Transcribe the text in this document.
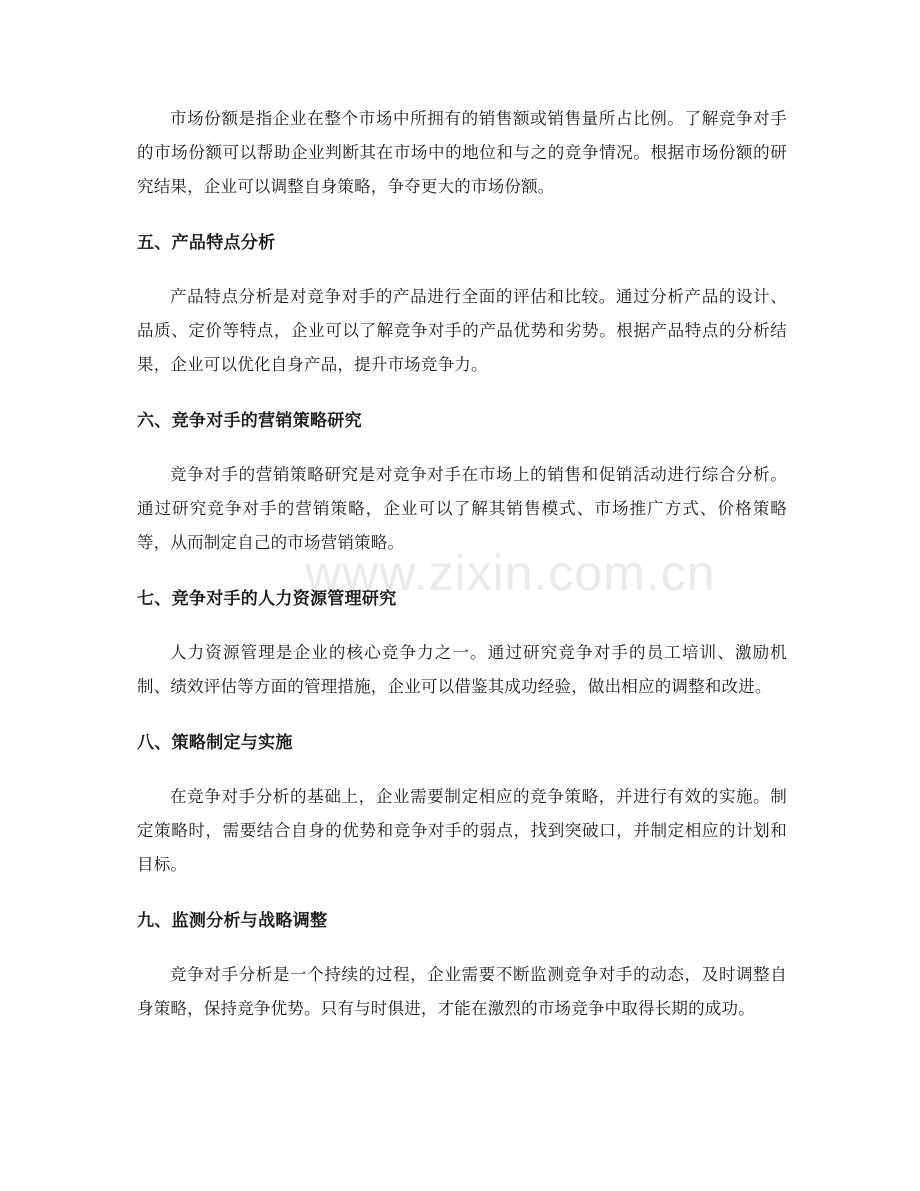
市场份额是指企业在整个市场中所拥有的销售额或销售量所占比例。了解竞争对手的市场份额可以帮助企业判断其在市场中的地位和与之的竞争情况。根据市场份额的研究结果，企业可以调整自身策略，争夺更大的市场份额。

五、产品特点分析

产品特点分析是对竞争对手的产品进行全面的评估和比较。通过分析产品的设计、品质、定价等特点，企业可以了解竞争对手的产品优势和劣势。根据产品特点的分析结果，企业可以优化自身产品，提升市场竞争力。

六、竞争对手的营销策略研究

竞争对手的营销策略研究是对竞争对手在市场上的销售和促销活动进行综合分析。通过研究竞争对手的营销策略，企业可以了解其销售模式、市场推广方式、价格策略等，从而制定自己的市场营销策略。

七、竞争对手的人力资源管理研究

人力资源管理是企业的核心竞争力之一。通过研究竞争对手的员工培训、激励机制、绩效评估等方面的管理措施，企业可以借鉴其成功经验，做出相应的调整和改进。

八、策略制定与实施

在竞争对手分析的基础上，企业需要制定相应的竞争策略，并进行有效的实施。制定策略时，需要结合自身的优势和竞争对手的弱点，找到突破口，并制定相应的计划和目标。

九、监测分析与战略调整

竞争对手分析是一个持续的过程，企业需要不断监测竞争对手的动态，及时调整自身策略，保持竞争优势。只有与时俱进，才能在激烈的市场竞争中取得长期的成功。

www.zixin.com.cn
